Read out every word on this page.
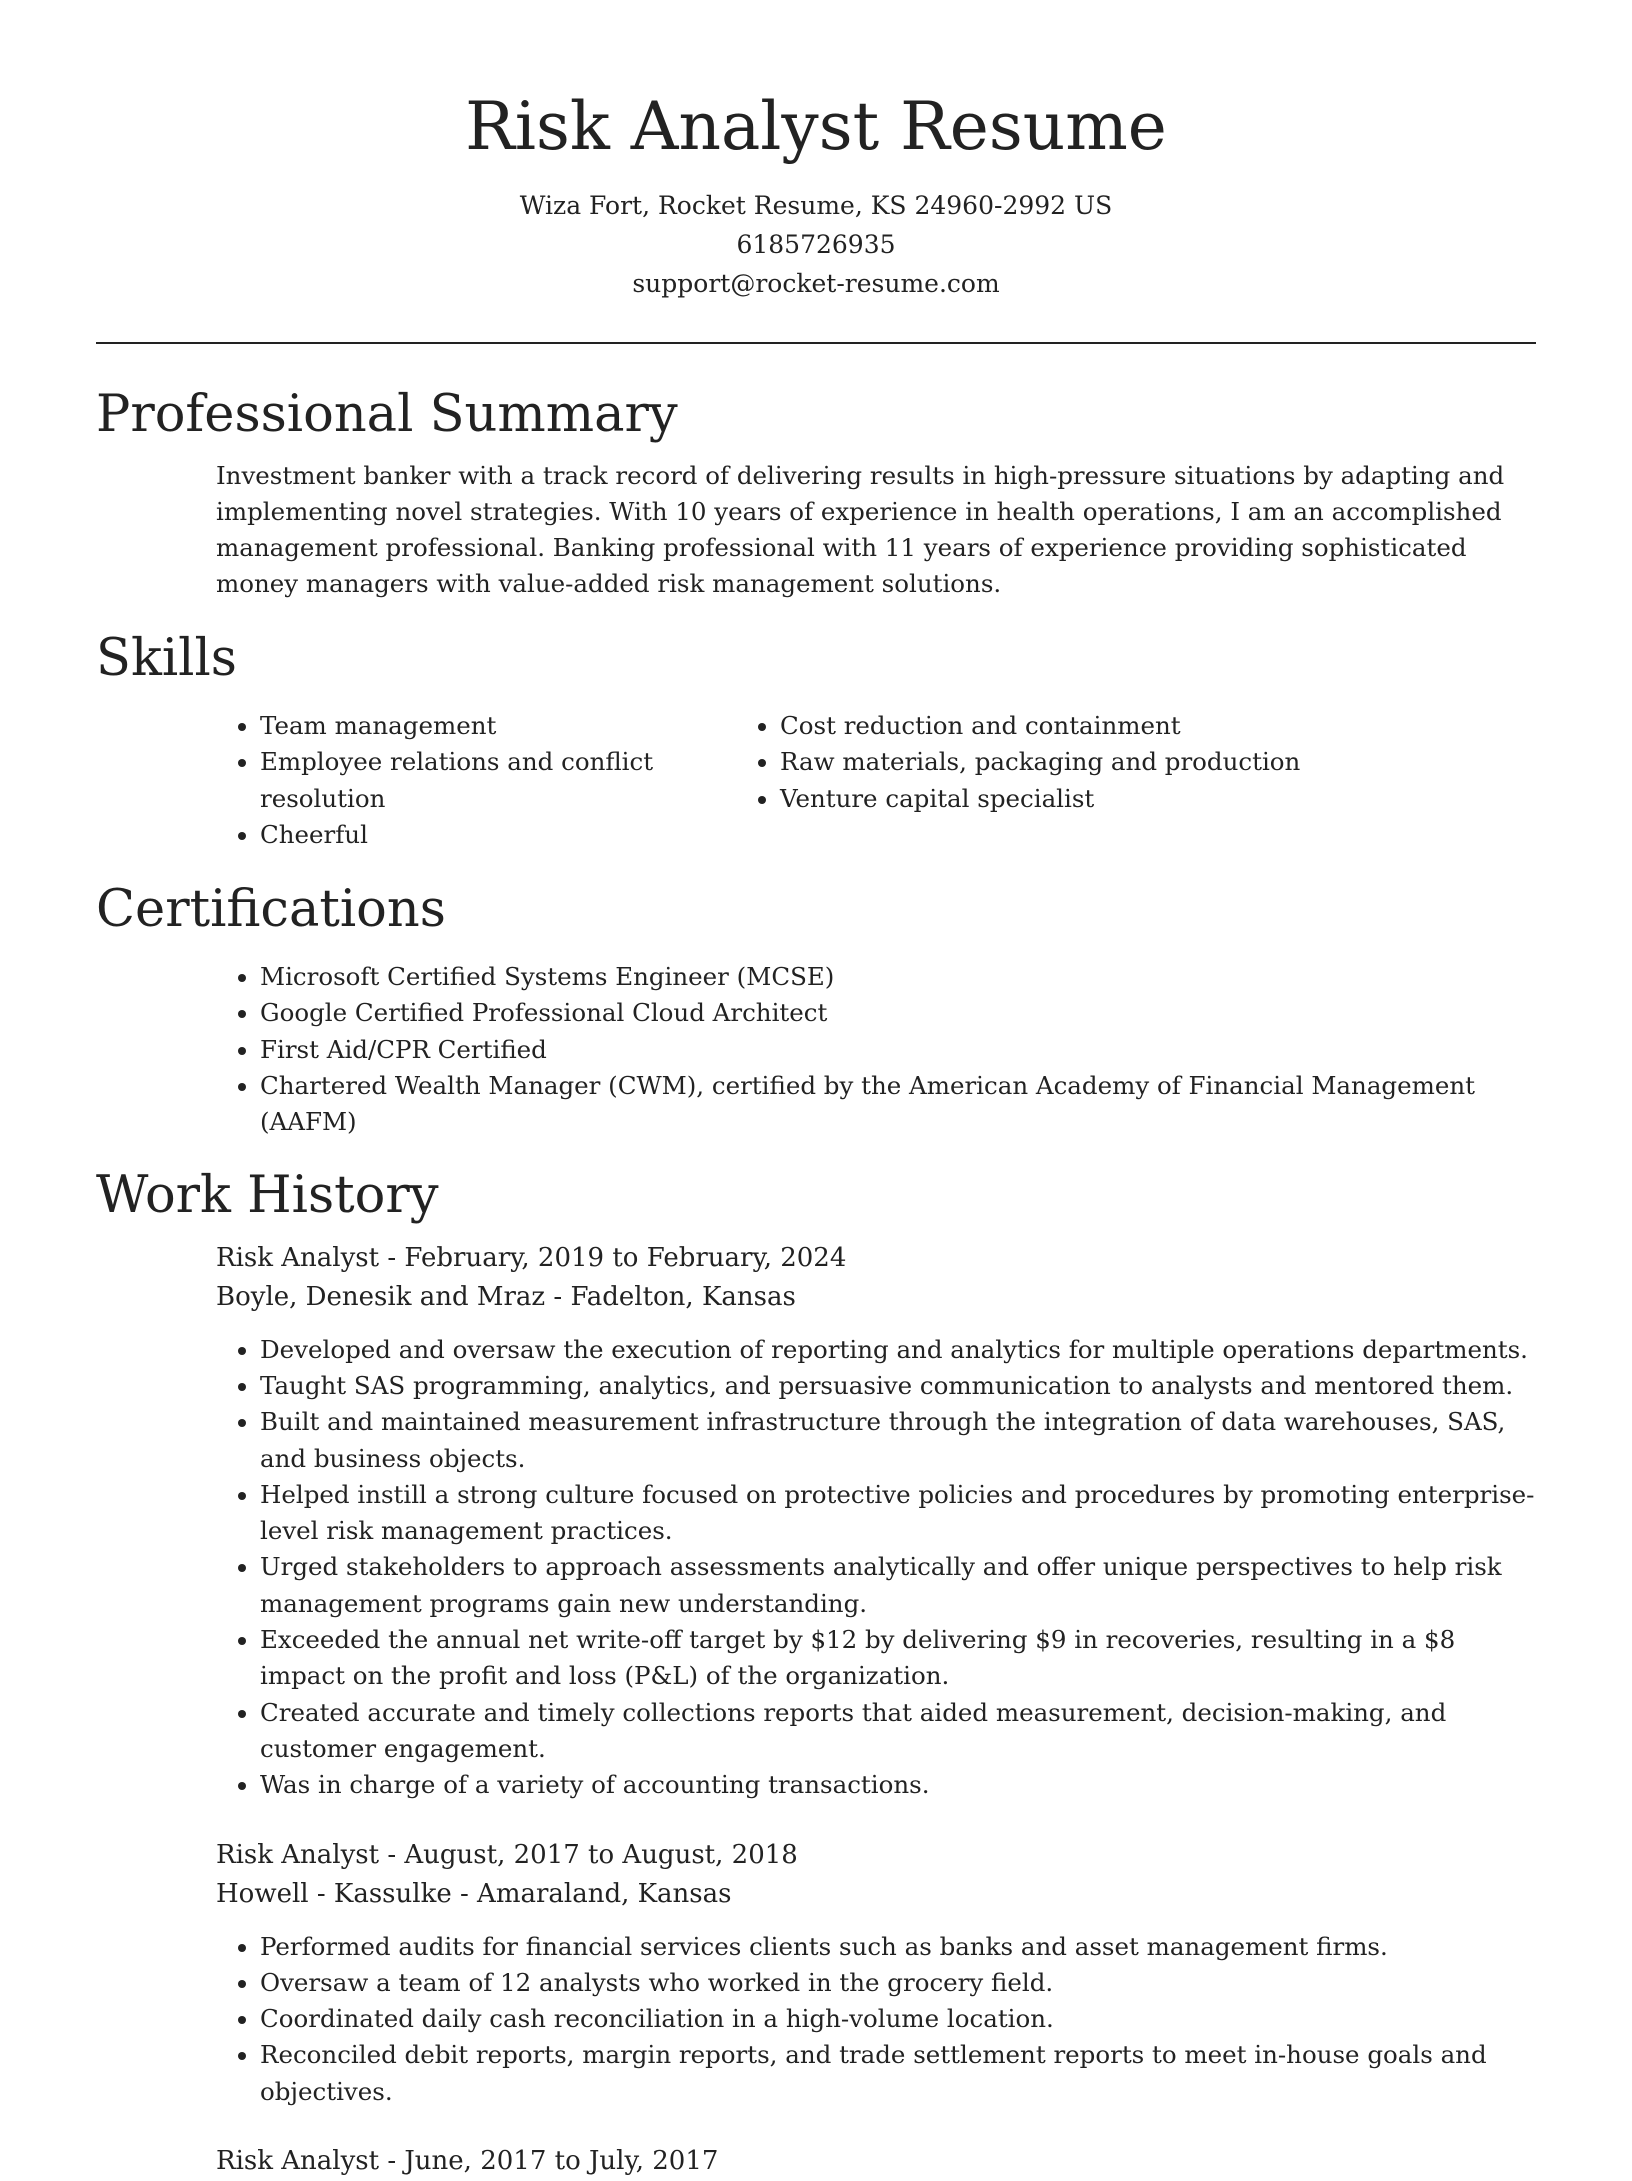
Risk Analyst Resume
Wiza Fort, Rocket Resume, KS 24960-2992 US
6185726935
support@rocket-resume.com
Professional Summary
Investment banker with a track record of delivering results in high-pressure situations by adapting and implementing novel strategies. With 10 years of experience in health operations, I am an accomplished management professional. Banking professional with 11 years of experience providing sophisticated money managers with value-added risk management solutions.
Skills
• Team management
• Employee relations and conflict resolution
• Cheerful
• Cost reduction and containment
• Raw materials, packaging and production
• Venture capital specialist
Certifications
• Microsoft Certified Systems Engineer (MCSE)
• Google Certified Professional Cloud Architect
• First Aid/CPR Certified
• Chartered Wealth Manager (CWM), certified by the American Academy of Financial Management (AAFM)
Work History
Risk Analyst - February, 2019 to February, 2024
Boyle, Denesik and Mraz - Fadelton, Kansas
• Developed and oversaw the execution of reporting and analytics for multiple operations departments.
• Taught SAS programming, analytics, and persuasive communication to analysts and mentored them.
• Built and maintained measurement infrastructure through the integration of data warehouses, SAS, and business objects.
• Helped instill a strong culture focused on protective policies and procedures by promoting enterprise-level risk management practices.
• Urged stakeholders to approach assessments analytically and offer unique perspectives to help risk management programs gain new understanding.
• Exceeded the annual net write-off target by $12 by delivering $9 in recoveries, resulting in a $8 impact on the profit and loss (P&L) of the organization.
• Created accurate and timely collections reports that aided measurement, decision-making, and customer engagement.
• Was in charge of a variety of accounting transactions.
Risk Analyst - August, 2017 to August, 2018
Howell - Kassulke - Amaraland, Kansas
• Performed audits for financial services clients such as banks and asset management firms.
• Oversaw a team of 12 analysts who worked in the grocery field.
• Coordinated daily cash reconciliation in a high-volume location.
• Reconciled debit reports, margin reports, and trade settlement reports to meet in-house goals and objectives.
Risk Analyst - June, 2017 to July, 2017
